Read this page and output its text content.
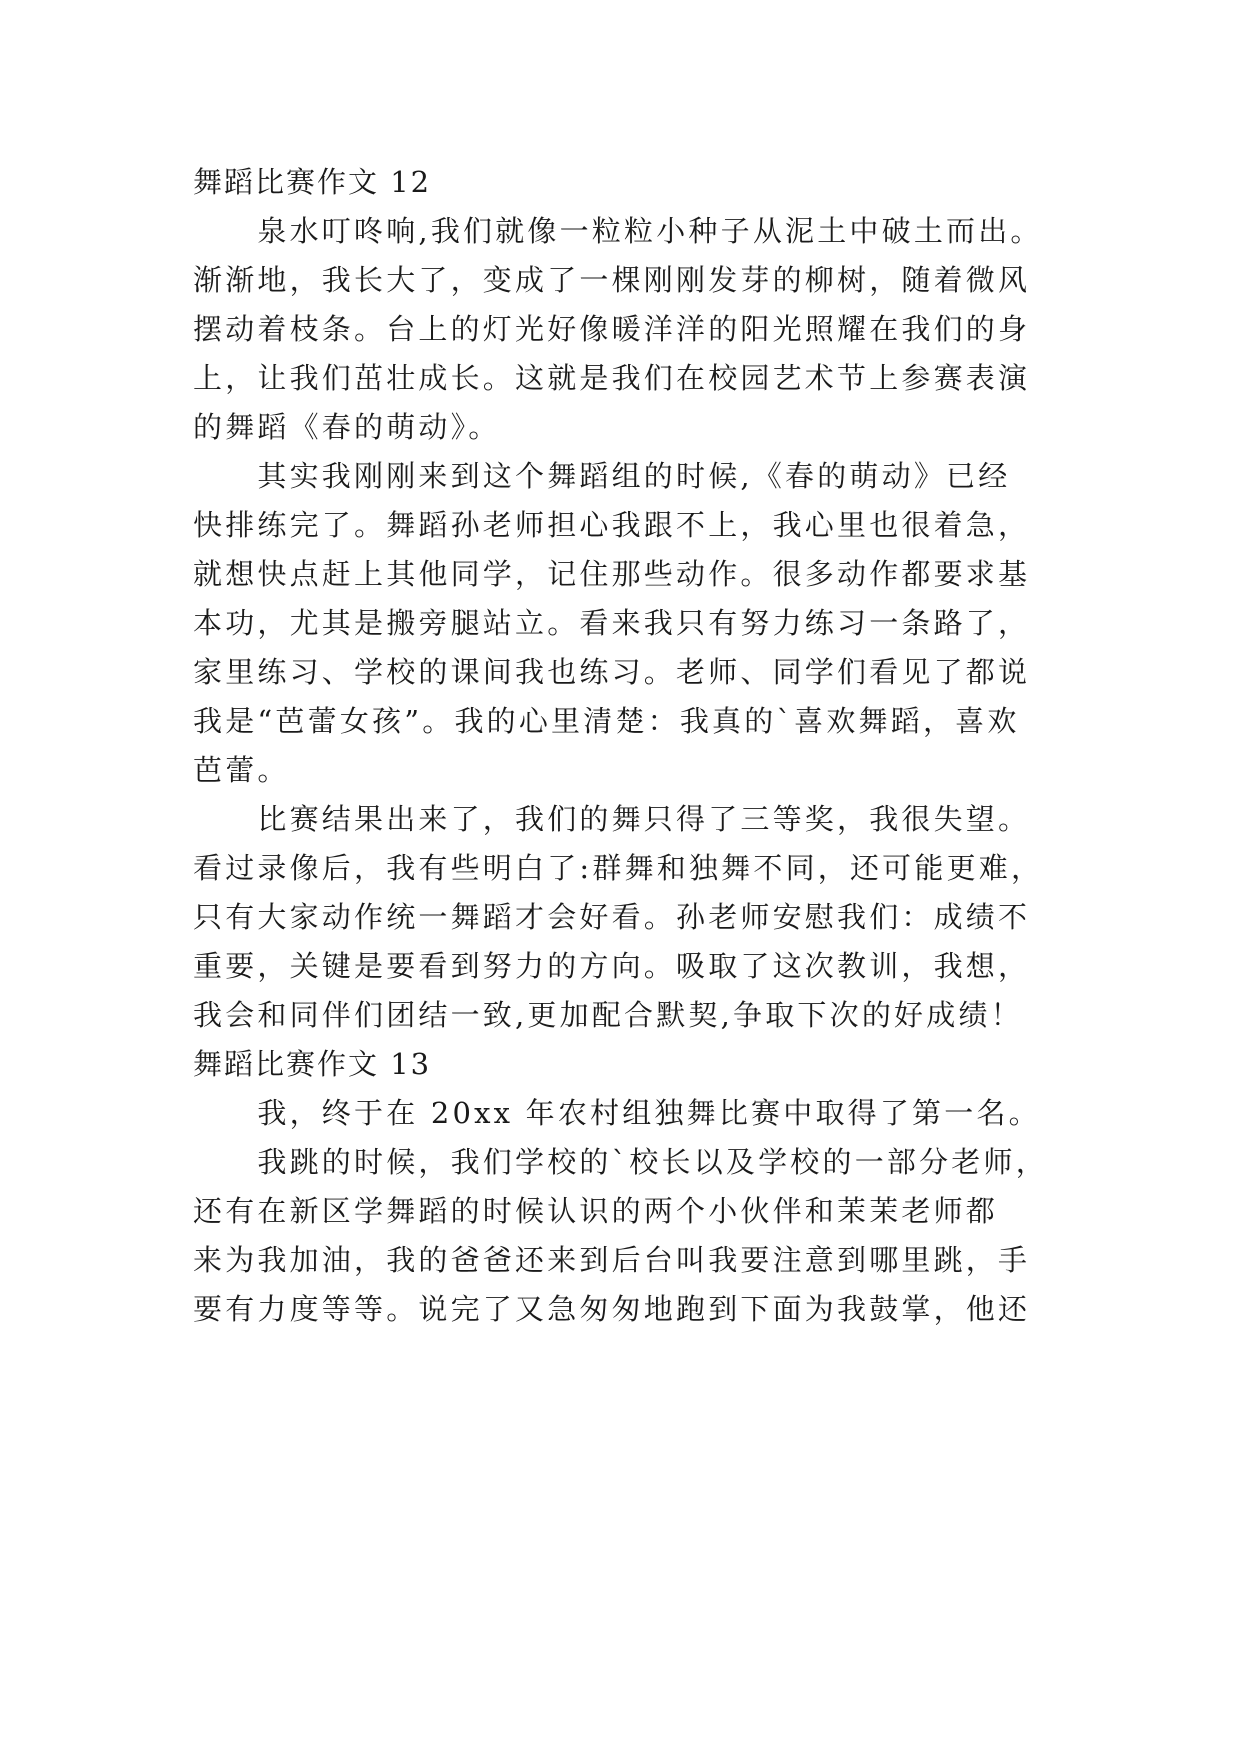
舞蹈比赛作文 12
　　泉水叮咚响,我们就像一粒粒小种子从泥土中破土而出。
渐渐地，我长大了，变成了一棵刚刚发芽的柳树，随着微风
摆动着枝条。台上的灯光好像暖洋洋的阳光照耀在我们的身
上，让我们茁壮成长。这就是我们在校园艺术节上参赛表演
的舞蹈《春的萌动》。
　　其实我刚刚来到这个舞蹈组的时候,《春的萌动》已经
快排练完了。舞蹈孙老师担心我跟不上，我心里也很着急，
就想快点赶上其他同学，记住那些动作。很多动作都要求基
本功，尤其是搬旁腿站立。看来我只有努力练习一条路了，
家里练习、学校的课间我也练习。老师、同学们看见了都说
我是“芭蕾女孩”。我的心里清楚：我真的`喜欢舞蹈，喜欢
芭蕾。
　　比赛结果出来了，我们的舞只得了三等奖，我很失望。
看过录像后，我有些明白了:群舞和独舞不同，还可能更难，
只有大家动作统一舞蹈才会好看。孙老师安慰我们：成绩不
重要，关键是要看到努力的方向。吸取了这次教训，我想，
我会和同伴们团结一致,更加配合默契,争取下次的好成绩！
舞蹈比赛作文 13
　　我，终于在 20xx 年农村组独舞比赛中取得了第一名。
　　我跳的时候，我们学校的`校长以及学校的一部分老师，
还有在新区学舞蹈的时候认识的两个小伙伴和茉茉老师都
来为我加油，我的爸爸还来到后台叫我要注意到哪里跳，手
要有力度等等。说完了又急匆匆地跑到下面为我鼓掌，他还
